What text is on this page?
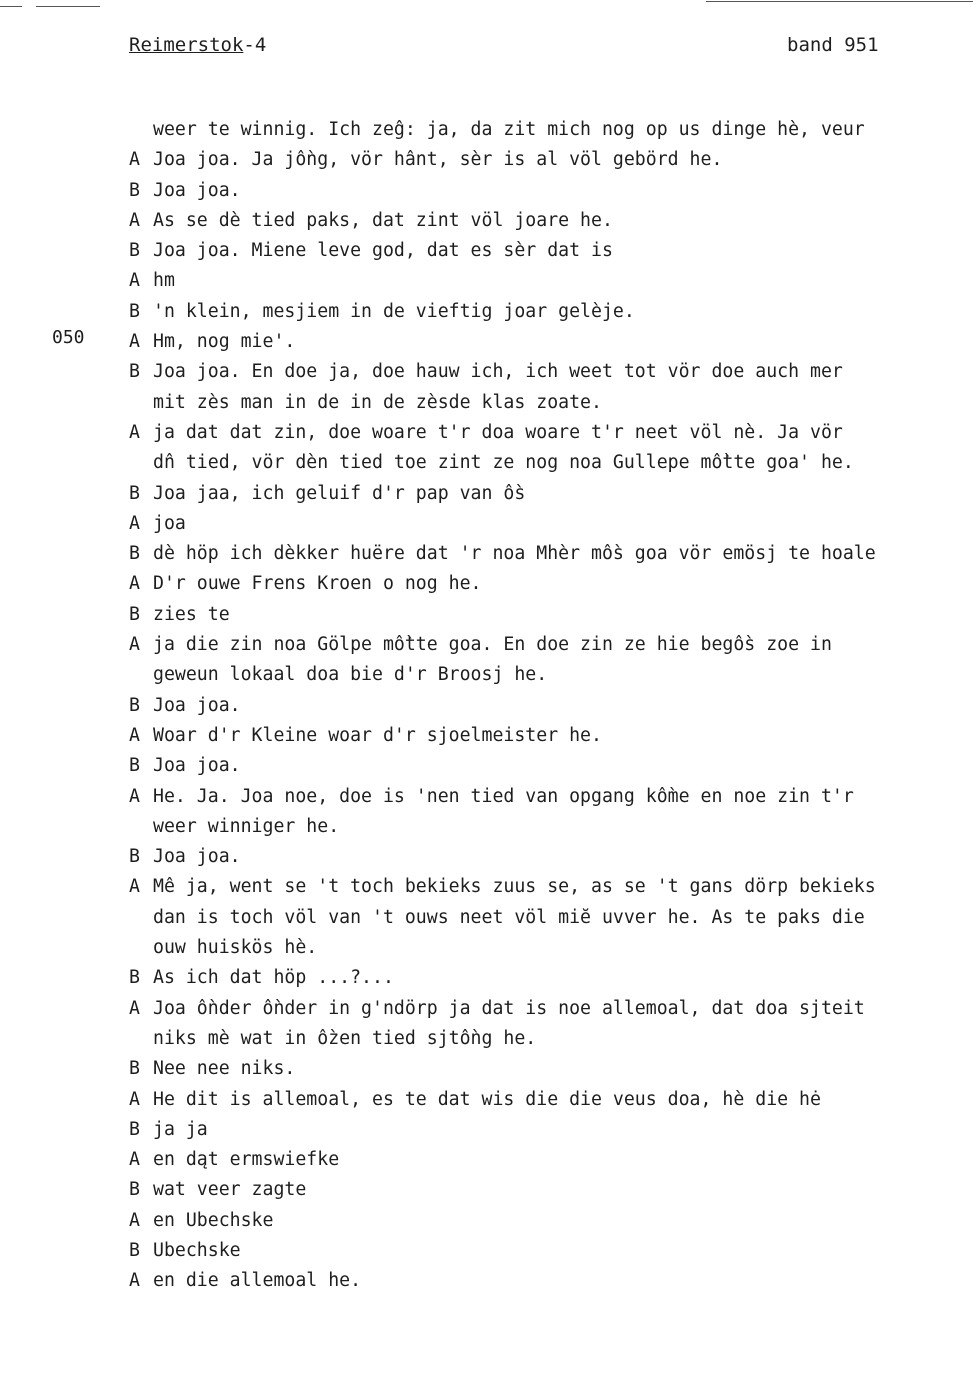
Reimerstok-4	band 951
050
weer te winnig. Ich zeĝ: ja, da zit mich nog op us dinge hè, veur
A Joa joa. Ja jồng, vör hânt, sèr is al völ gebörd he.
B Joa joa.
A As se dè tied paks, dat zint völ joare he.
B Joa joa. Miene leve god, dat es sèr dat is
A hm
B 'n klein, mesjiem in de vieftig joar gelèje.
A Hm, nog mie'.
B Joa joa. En doe ja, doe hauw ich, ich weet tot vör doe auch mer
mit zès man in de in de zèsde klas zoate.
A ja dat dat zin, doe woare t'r doa woare t'r neet völ nè. Ja vör
dn̂ tied, vör dèn tied toe zint ze nog noa Gullepe mồtte goa' he.
B Joa jaa, ich geluif d'r pap van ồs
A joa
B dè höp ich dèkker huëre dat 'r noa Mhèr mồs goa vör emösj te hoale
A D'r ouwe Frens Kroen o nog he.
B zies te
A ja die zin noa Gölpe mồtte goa. En doe zin ze hie begồs zoe in
geweun lokaal doa bie d'r Broosj he.
B Joa joa.
A Woar d'r Kleine woar d'r sjoelmeister he.
B Joa joa.
A He. Ja. Joa noe, doe is 'nen tied van opgang kồme en noe zin t'r
weer winniger he.
B Joa joa.
A Mê ja, went se 't toch bekieks zuus se, as se 't gans dörp bekieks
dan is toch völ van 't ouws neet völ miĕ uvver he. As te paks die
ouw huiskös hè.
B As ich dat höp ...?...
A Joa ồnder ồnder in g'ndörp ja dat is noe allemoal, dat doa sjteit
niks mè wat in ồzen tied sjtồng he.
B Nee nee niks.
A He dit is allemoal, es te dat wis die die veus doa, hè die hė
B ja ja
A en dąt ermswiefke
B wat veer zagte
A en Ubechske
B Ubechske
A en die allemoal he.
